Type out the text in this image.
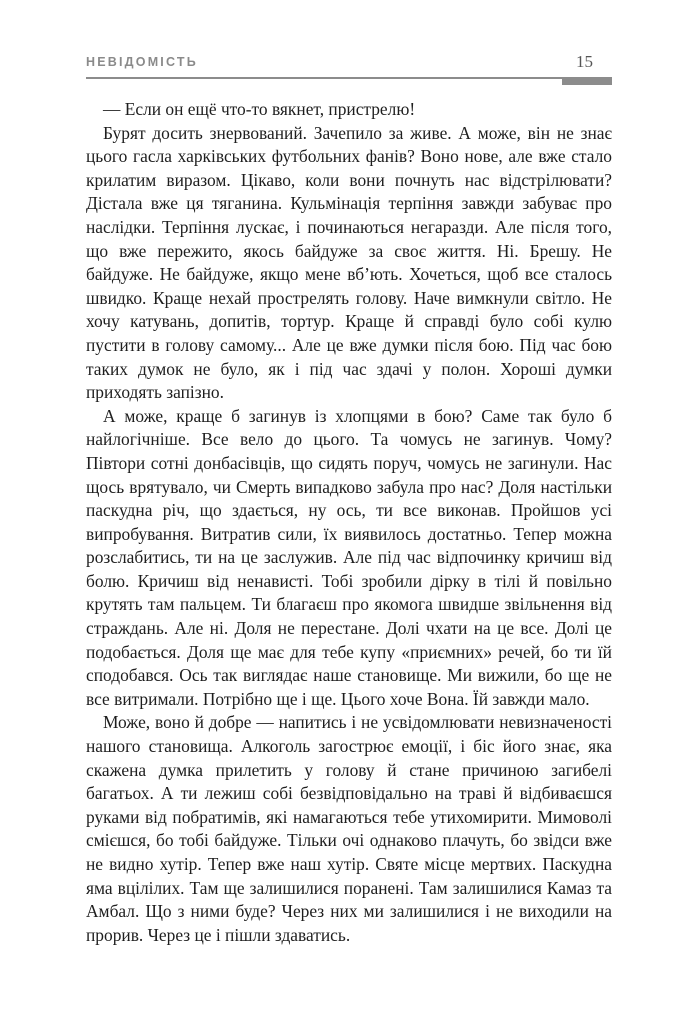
НЕВІДОМІСТЬ	15

— Если он ещё что-то вякнет, пристрелю!

Бурят досить знервований. Зачепило за живе. А може, він не знає цього гасла харківських футбольних фанів? Воно нове, але вже стало крилатим виразом. Цікаво, коли вони почнуть нас відстрілювати? Дістала вже ця тяганина. Кульмінація терпіння завжди забуває про наслідки. Терпіння лускає, і починаються негаразди. Але після того, що вже пережито, якось байдуже за своє життя. Ні. Брешу. Не байдуже. Не байдуже, якщо мене вб’ють. Хочеться, щоб все сталось швидко. Краще нехай прострелять голову. Наче вимкнули світло. Не хочу катувань, допитів, тортур. Краще й справді було собі кулю пустити в голову самому... Але це вже думки після бою. Під час бою таких думок не було, як і під час здачі у полон. Хороші думки приходять запізно.

А може, краще б загинув із хлопцями в бою? Саме так було б найлогічніше. Все вело до цього. Та чомусь не загинув. Чому? Півтори сотні донбасівців, що сидять поруч, чомусь не загинули. Нас щось врятувало, чи Смерть випадково забула про нас? Доля настільки паскудна річ, що здається, ну ось, ти все виконав. Пройшов усі випробування. Витратив сили, їх виявилось достатньо. Тепер можна розслабитись, ти на це заслужив. Але під час відпочинку кричиш від болю. Кричиш від ненависті. Тобі зробили дірку в тілі й повільно крутять там пальцем. Ти благаєш про якомога швидше звільнення від страждань. Але ні. Доля не перестане. Долі чхати на це все. Долі це подобається. Доля ще має для тебе купу «приємних» речей, бо ти їй сподобався. Ось так виглядає наше становище. Ми вижили, бо ще не все витримали. Потрібно ще і ще. Цього хоче Вона. Їй завжди мало.

Може, воно й добре — напитись і не усвідомлювати невизначеності нашого становища. Алкоголь загострює емоції, і біс його знає, яка скажена думка прилетить у голову й стане причиною загибелі багатьох. А ти лежиш собі безвідповідально на траві й відбиваєшся руками від побратимів, які намагаються тебе утихомирити. Мимоволі смієшся, бо тобі байдуже. Тільки очі однаково плачуть, бо звідси вже не видно хутір. Тепер вже наш хутір. Святе місце мертвих. Паскудна яма вцілілих. Там ще залишилися поранені. Там залишилися Камаз та Амбал. Що з ними буде? Через них ми залишилися і не виходили на прорив. Через це і пішли здаватись.
